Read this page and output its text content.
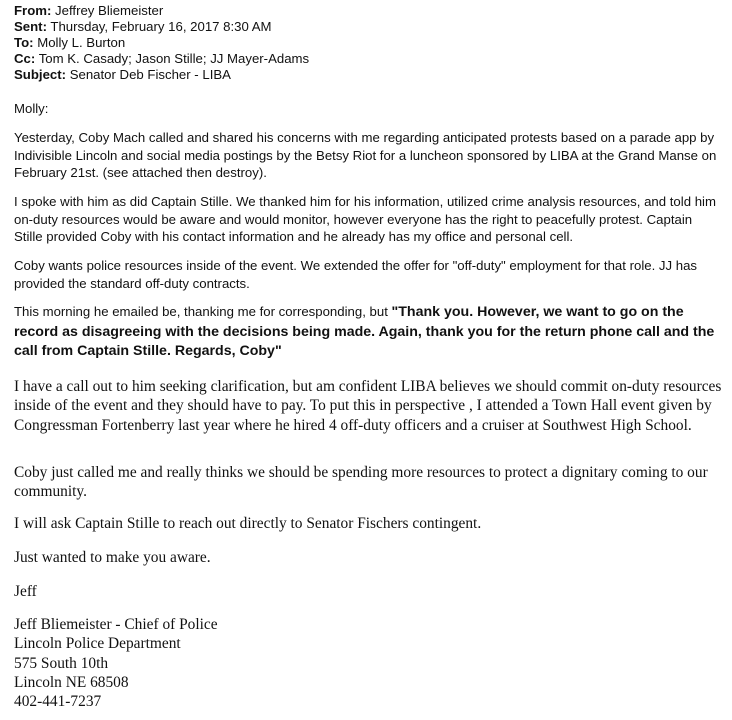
From: Jeffrey Bliemeister
Sent: Thursday, February 16, 2017 8:30 AM
To: Molly L. Burton
Cc: Tom K. Casady; Jason Stille; JJ Mayer-Adams
Subject: Senator Deb Fischer - LIBA

Molly:

Yesterday, Coby Mach called and shared his concerns with me regarding anticipated protests based on a parade app by Indivisible Lincoln and social media postings by the Betsy Riot for a luncheon sponsored by LIBA at the Grand Manse on February 21st. (see attached then destroy).

I spoke with him as did Captain Stille. We thanked him for his information, utilized crime analysis resources, and told him on-duty resources would be aware and would monitor, however everyone has the right to peacefully protest. Captain Stille provided Coby with his contact information and he already has my office and personal cell.

Coby wants police resources inside of the event. We extended the offer for "off-duty" employment for that role. JJ has provided the standard off-duty contracts.

This morning he emailed be, thanking me for corresponding, but "Thank you. However, we want to go on the record as disagreeing with the decisions being made. Again, thank you for the return phone call and the call from Captain Stille. Regards, Coby"

I have a call out to him seeking clarification, but am confident LIBA believes we should commit on-duty resources inside of the event and they should have to pay. To put this in perspective , I attended a Town Hall event given by Congressman Fortenberry last year where he hired 4 off-duty officers and a cruiser at Southwest High School.

Coby just called me and really thinks we should be spending more resources to protect a dignitary coming to our community.

I will ask Captain Stille to reach out directly to Senator Fischers contingent.

Just wanted to make you aware.

Jeff

Jeff Bliemeister - Chief of Police
Lincoln Police Department
575 South 10th
Lincoln NE 68508
402-441-7237
